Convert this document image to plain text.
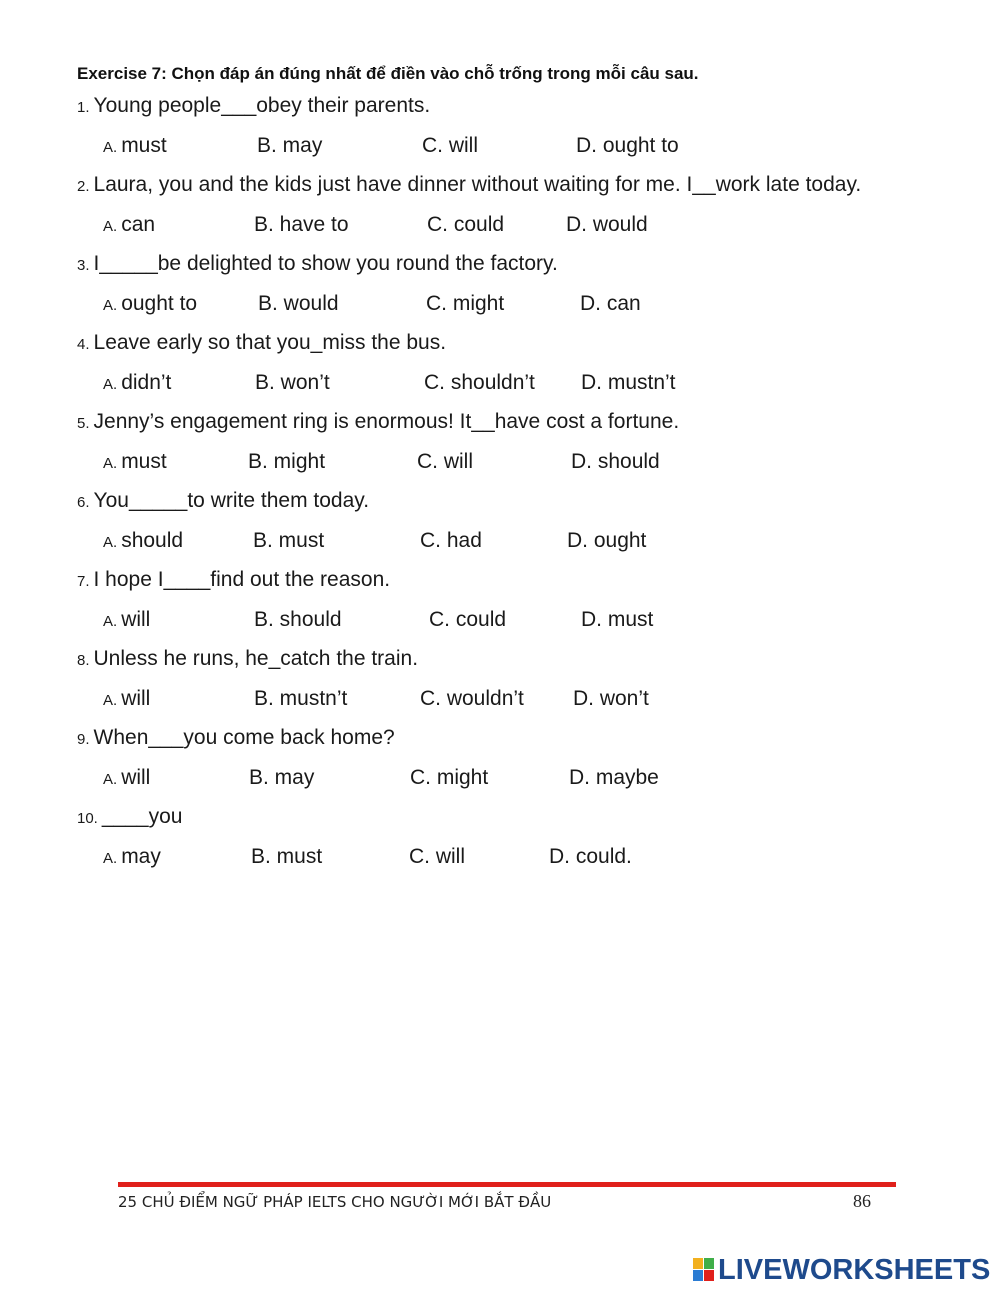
Exercise 7: Chọn đáp án đúng nhất để điền vào chỗ trống trong mỗi câu sau.
1. Young people___obey their parents.
A. must	B. may	C. will	D. ought to
2. Laura, you and the kids just have dinner without waiting for me. I__work late today.
A. can	B. have to	C. could	D. would
3. I_____be delighted to show you round the factory.
A. ought to	B. would	C. might	D. can
4. Leave early so that you_miss the bus.
A. didn’t	B. won’t	C. shouldn’t D. mustn’t
5. Jenny’s engagement ring is enormous! It__have cost a fortune.
A. must	B. might	C. will	D. should
6. You_____to write them today.
A. should	B. must	C. had	D. ought
7. I hope I____find out the reason.
A. will	B. should	C. could	D. must
8. Unless he runs, he_catch the train.
A. will	B. mustn’t	C. wouldn’t D. won’t
9. When___you come back home?
A. will	B. may	C. might	D. maybe
10. ____you
A. may	B. must	C. will	D. could.
25 CHỦ ĐIỂM NGỮ PHÁP IELTS CHO NGƯỜI MỚI BẮT ĐẦU	86
LIVEWORKSHEETS
